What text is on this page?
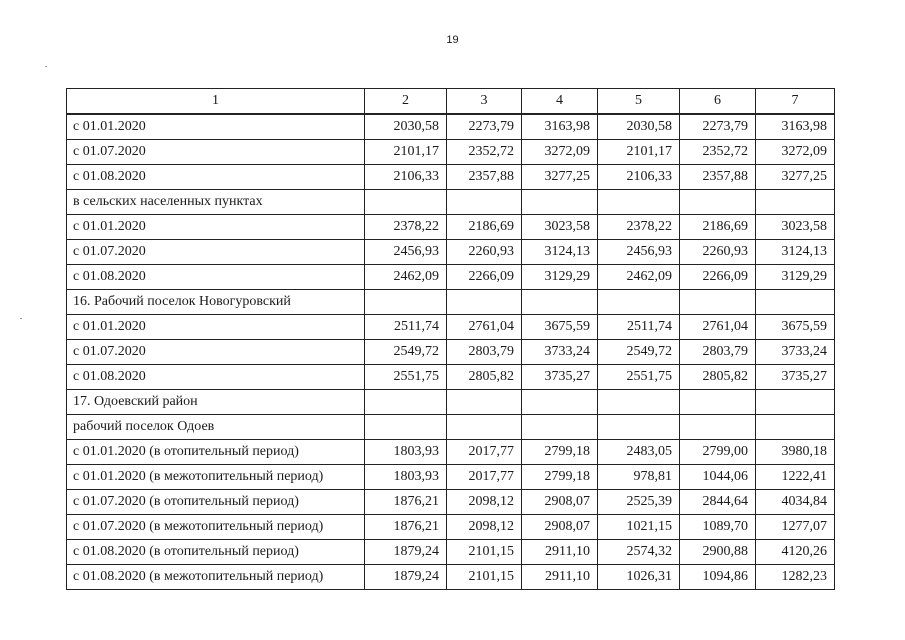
19
1	2	3	4	5	6	7
с 01.01.2020	2030,58	2273,79	3163,98	2030,58	2273,79	3163,98
с 01.07.2020	2101,17	2352,72	3272,09	2101,17	2352,72	3272,09
с 01.08.2020	2106,33	2357,88	3277,25	2106,33	2357,88	3277,25
в сельских населенных пунктах						
с 01.01.2020	2378,22	2186,69	3023,58	2378,22	2186,69	3023,58
с 01.07.2020	2456,93	2260,93	3124,13	2456,93	2260,93	3124,13
с 01.08.2020	2462,09	2266,09	3129,29	2462,09	2266,09	3129,29
16. Рабочий поселок Новогуровский						
с 01.01.2020	2511,74	2761,04	3675,59	2511,74	2761,04	3675,59
с 01.07.2020	2549,72	2803,79	3733,24	2549,72	2803,79	3733,24
с 01.08.2020	2551,75	2805,82	3735,27	2551,75	2805,82	3735,27
17. Одоевский район						
рабочий поселок Одоев						
с 01.01.2020 (в отопительный период)	1803,93	2017,77	2799,18	2483,05	2799,00	3980,18
с 01.01.2020 (в межотопительный период)	1803,93	2017,77	2799,18	978,81	1044,06	1222,41
с 01.07.2020 (в отопительный период)	1876,21	2098,12	2908,07	2525,39	2844,64	4034,84
с 01.07.2020 (в межотопительный период)	1876,21	2098,12	2908,07	1021,15	1089,70	1277,07
с 01.08.2020 (в отопительный период)	1879,24	2101,15	2911,10	2574,32	2900,88	4120,26
с 01.08.2020 (в межотопительный период)	1879,24	2101,15	2911,10	1026,31	1094,86	1282,23
